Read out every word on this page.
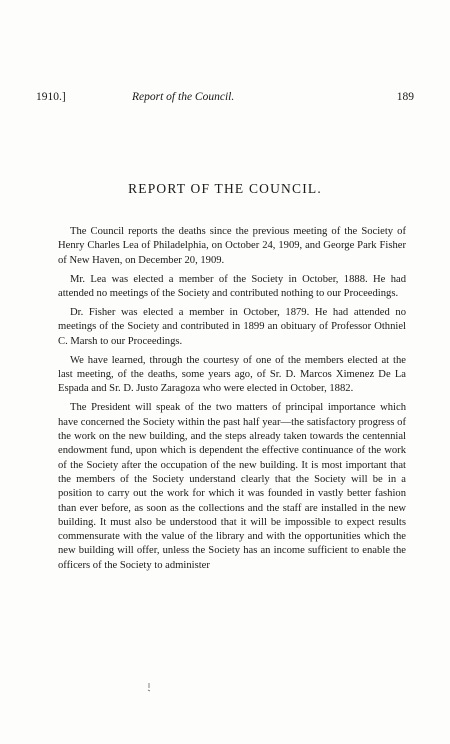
1910.]	Report of the Council.	189
REPORT OF THE COUNCIL.

The Council reports the deaths since the previous meeting of the Society of Henry Charles Lea of Philadelphia, on October 24, 1909, and George Park Fisher of New Haven, on December 20, 1909.

Mr. Lea was elected a member of the Society in October, 1888. He had attended no meetings of the Society and contributed nothing to our Proceedings.

Dr. Fisher was elected a member in October, 1879. He had attended no meetings of the Society and contributed in 1899 an obituary of Professor Othniel C. Marsh to our Proceedings.

We have learned, through the courtesy of one of the members elected at the last meeting, of the deaths, some years ago, of Sr. D. Marcos Ximenez De La Espada and Sr. D. Justo Zaragoza who were elected in October, 1882.

The President will speak of the two matters of principal importance which have concerned the Society within the past half year—the satisfactory progress of the work on the new building, and the steps already taken towards the centennial endowment fund, upon which is dependent the effective continuance of the work of the Society after the occupation of the new building. It is most important that the members of the Society understand clearly that the Society will be in a position to carry out the work for which it was founded in vastly better fashion than ever before, as soon as the collections and the staff are installed in the new building. It must also be understood that it will be impossible to expect results commensurate with the value of the library and with the opportunities which the new building will offer, unless the Society has an income sufficient to enable the officers of the Society to administer
